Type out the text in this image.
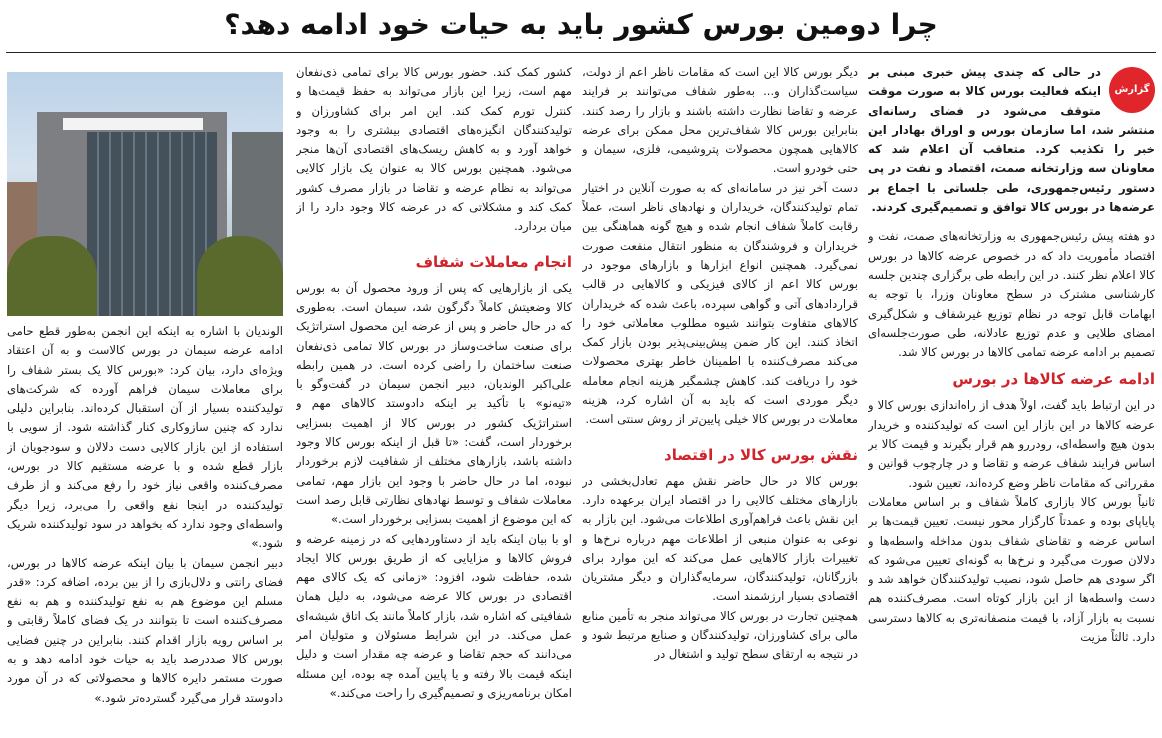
چرا دومین بورس کشور باید به حیات خود ادامه دهد؟
گزارش

در حالی که چندی پیش خبری مبنی بر اینکه فعالیت بورس کالا به صورت موقت متوقف می‌شود در فضای رسانه‌ای منتشر شد، اما سازمان بورس و اوراق بهادار این خبر را تکذیب کرد. متعاقب آن اعلام شد که معاونان سه وزارتخانه صمت، اقتصاد و نفت در پی دستور رئیس‌جمهوری، طی جلساتی با اجماع بر عرضه‌ها در بورس کالا توافق و تصمیم‌گیری کردند.

دو هفته پیش رئیس‌جمهوری به وزارتخانه‌های صمت، نفت و اقتصاد مأموریت داد که در خصوص عرضه کالاها در بورس کالا اعلام نظر کنند. در این رابطه طی برگزاری چندین جلسه کارشناسی مشترک در سطح معاونان وزرا، با توجه به ابهامات قابل توجه در نظام توزیع غیرشفاف و شکل‌گیری امضای طلایی و عدم توزیع عادلانه، طی صورت‌جلسه‌ای تصمیم بر ادامه عرضه تمامی کالاها در بورس کالا شد.

ادامه عرضه کالاها در بورس

در این ارتباط باید گفت، اولاً هدف از راه‌اندازی بورس کالا و عرضه کالاها در این بازار این است که تولیدکننده و خریدار بدون هیچ واسطه‌ای، رودررو هم قرار بگیرند و قیمت کالا بر اساس فرایند شفاف عرضه و تقاضا و در چارچوب قوانین و مقرراتی که مقامات ناظر وضع کرده‌اند، تعیین شود.

ثانیاً بورس کالا بازاری کاملاً شفاف و بر اساس معاملات پایاپای بوده و عمدتاً کارگزار محور نیست. تعیین قیمت‌ها بر اساس عرضه و تقاضای شفاف بدون مداخله واسطه‌ها و دلالان صورت می‌گیرد و نرخ‌ها به گونه‌ای تعیین می‌شود که اگر سودی هم حاصل شود، نصیب تولیدکنندگان خواهد شد و دست واسطه‌ها از این بازار کوتاه است. مصرف‌کننده هم نسبت به بازار آزاد، با قیمت منصفانه‌تری به کالاها دسترسی دارد. ثالثاً مزیت

دیگر بورس کالا این است که مقامات ناظر اعم از دولت، سیاست‌گذاران و... به‌طور شفاف می‌توانند بر فرایند عرضه و تقاضا نظارت داشته باشند و بازار را رصد کنند. بنابراین بورس کالا شفاف‌ترین محل ممکن برای عرضه کالاهایی همچون محصولات پتروشیمی، فلزی، سیمان و حتی خودرو است.

دست آخر نیز در سامانه‌ای که به صورت آنلاین در اختیار تمام تولیدکنندگان، خریداران و نهادهای ناظر است، عملاً رقابت کاملاً شفاف انجام شده و هیچ گونه هماهنگی بین خریداران و فروشندگان به منظور انتقال منفعت صورت نمی‌گیرد. همچنین انواع ابزارها و بازارهای موجود در بورس کالا اعم از کالای فیزیکی و کالاهایی در قالب قراردادهای آتی و گواهی سپرده، باعث شده که خریداران کالاهای متفاوت بتوانند شیوه مطلوب معاملاتی خود را اتخاذ کنند. این کار ضمن پیش‌بینی‌پذیر بودن بازار کمک می‌کند مصرف‌کننده با اطمینان خاطر بهتری محصولات خود را دریافت کند. کاهش چشمگیر هزینه انجام معامله دیگر موردی است که باید به آن اشاره کرد، هزینه معاملات در بورس کالا خیلی پایین‌تر از روش سنتی است.

نقش بورس کالا در اقتصاد

بورس کالا در حال حاضر نقش مهم تعادل‌بخشی در بازارهای مختلف کالایی را در اقتصاد ایران برعهده دارد. این نقش باعث فراهم‌آوری اطلاعات می‌شود. این بازار به نوعی به عنوان منبعی از اطلاعات مهم درباره نرخ‌ها و تغییرات بازار کالاهایی عمل می‌کند که این موارد برای بازرگانان، تولیدکنندگان، سرمایه‌گذاران و دیگر مشتریان اقتصادی بسیار ارزشمند است.

همچنین تجارت در بورس کالا می‌تواند منجر به تأمین منابع مالی برای کشاورزان، تولیدکنندگان و صنایع مرتبط شود و در نتیجه به ارتقای سطح تولید و اشتغال در

کشور کمک کند. حضور بورس کالا برای تمامی ذی‌نفعان مهم است، زیرا این بازار می‌تواند به حفظ قیمت‌ها و کنترل تورم کمک کند. این امر برای کشاورزان و تولیدکنندگان انگیزه‌های اقتصادی بیشتری را به وجود خواهد آورد و به کاهش ریسک‌های اقتصادی آن‌ها منجر می‌شود. همچنین بورس کالا به عنوان یک بازار کالایی می‌تواند به نظام عرضه و تقاضا در بازار مصرف کشور کمک کند و مشکلاتی که در عرضه کالا وجود دارد را از میان بردارد.

انجام معاملات شفاف

یکی از بازارهایی که پس از ورود محصول آن به بورس کالا وضعیتش کاملاً دگرگون شد، سیمان است. به‌طوری که در حال حاضر و پس از عرضه این محصول استراتژیک برای صنعت ساخت‌وساز در بورس کالا تمامی ذی‌نفعان صنعت ساختمان را راضی کرده است. در همین رابطه علی‌اکبر الوندیان، دبیر انجمن سیمان در گفت‌وگو با «تیه‌نو» با تأکید بر اینکه دادوستد کالاهای مهم و استراتژیک کشور در بورس کالا از اهمیت بسزایی برخوردار است، گفت: «تا قبل از اینکه بورس کالا وجود داشته باشد، بازارهای مختلف از شفافیت لازم برخوردار نبوده، اما در حال حاضر با وجود این بازار مهم، تمامی معاملات شفاف و توسط نهادهای نظارتی قابل رصد است که این موضوع از اهمیت بسزایی برخوردار است.»

او با بیان اینکه باید از دستاوردهایی که در زمینه عرضه و فروش کالاها و مزایایی که از طریق بورس کالا ایجاد شده، حفاظت شود، افزود: «زمانی که یک کالای مهم اقتصادی در بورس کالا عرضه می‌شود، به دلیل همان شفافیتی که اشاره شد، بازار کاملاً مانند یک اتاق شیشه‌ای عمل می‌کند. در این شرایط مسئولان و متولیان امر می‌دانند که حجم تقاضا و عرضه چه مقدار است و دلیل اینکه قیمت بالا رفته و یا پایین آمده چه بوده، این مسئله امکان برنامه‌ریزی و تصمیم‌گیری را راحت می‌کند.»

الوندیان با اشاره به اینکه این انجمن به‌طور قطع حامی ادامه عرضه سیمان در بورس کالاست و به آن اعتقاد ویژه‌ای دارد، بیان کرد: «بورس کالا یک بستر شفاف را برای معاملات سیمان فراهم آورده که شرکت‌های تولیدکننده بسیار از آن استقبال کرده‌اند. بنابراین دلیلی ندارد که چنین سازوکاری کنار گذاشته شود. از سویی با استفاده از این بازار کالایی دست دلالان و سودجویان از بازار قطع شده و با عرضه مستقیم کالا در بورس، مصرف‌کننده واقعی نیاز خود را رفع می‌کند و از طرف تولیدکننده در اینجا نفع واقعی را می‌برد، زیرا دیگر واسطه‌ای وجود ندارد که بخواهد در سود تولیدکننده شریک شود.»

دبیر انجمن سیمان با بیان اینکه عرضه کالاها در بورس، فضای رانتی و دلال‌بازی را از بین برده، اضافه کرد: «قدر مسلم این موضوع هم به نفع تولیدکننده و هم به نفع مصرف‌کننده است تا بتوانند در یک فضای کاملاً رقابتی و بر اساس رویه بازار اقدام کنند. بنابراین در چنین فضایی بورس کالا صددرصد باید به حیات خود ادامه دهد و به صورت مستمر دایره کالاها و محصولاتی که در آن مورد دادوستد قرار می‌گیرد گسترده‌تر شود.»
